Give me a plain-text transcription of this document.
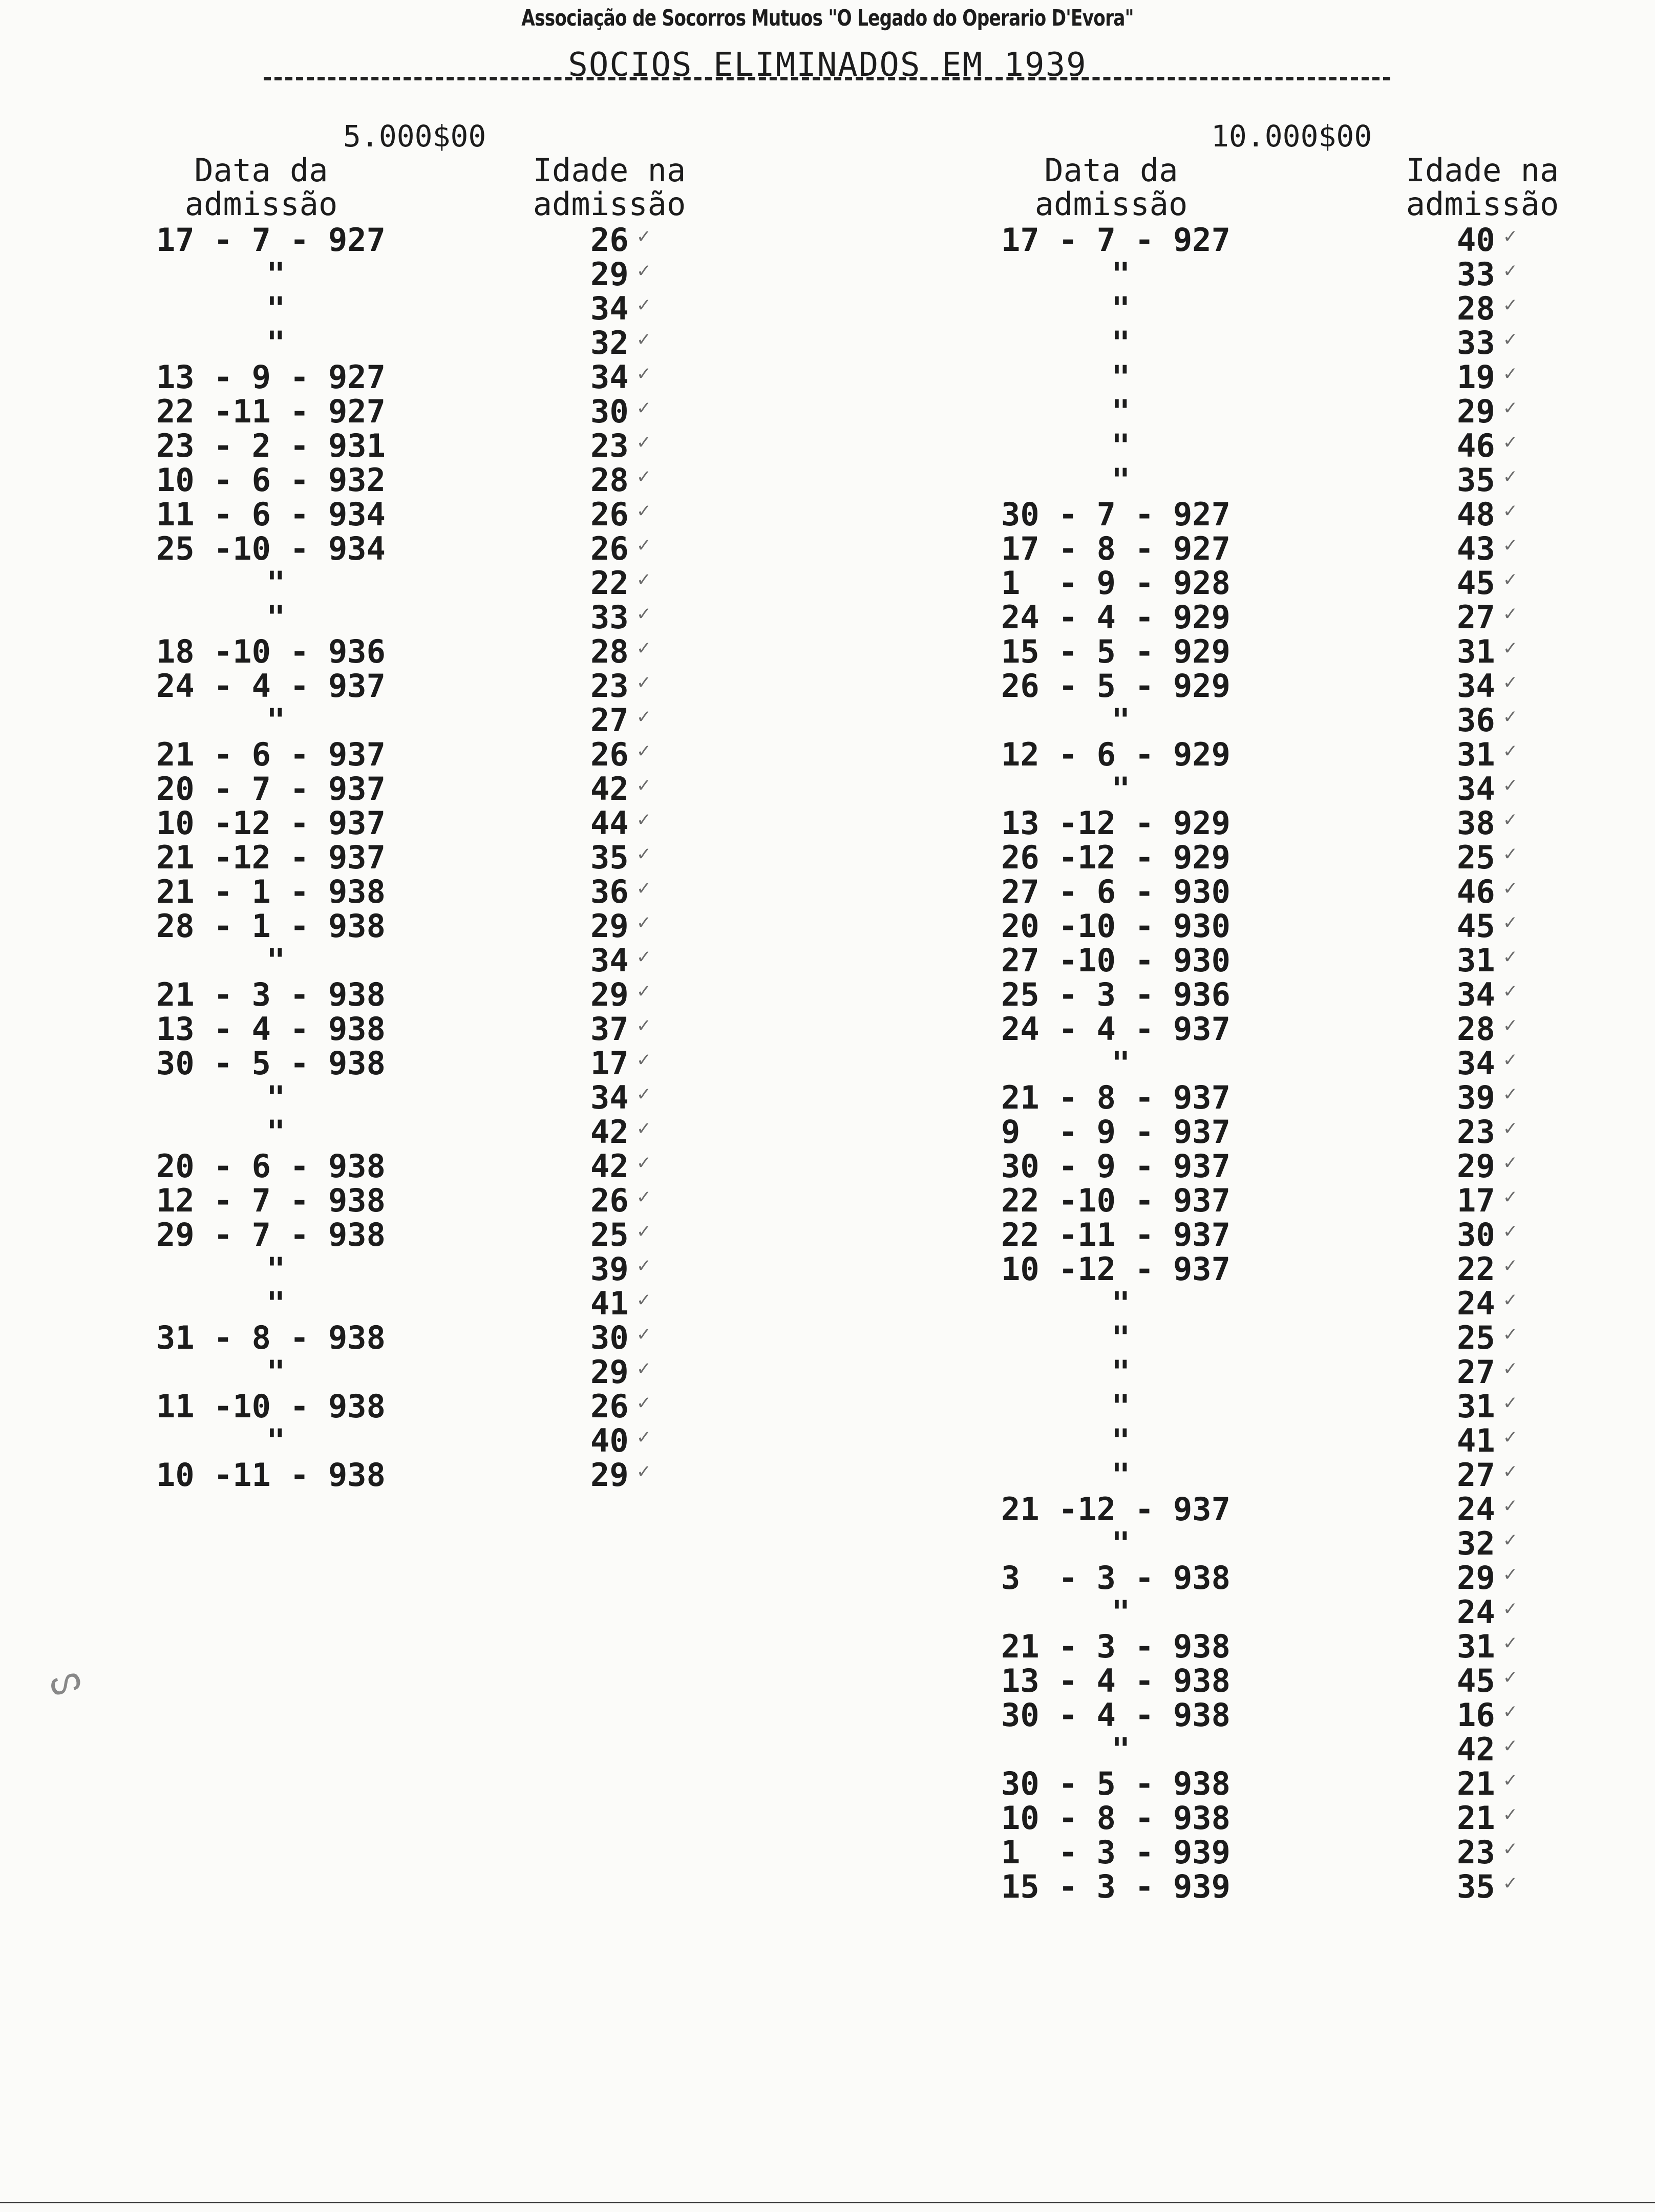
Associação de Socorros Mutuos "O Legado do Operario D'Evora"
SOCIOS ELIMINADOS EM 1939
5.000$00
Data da
admissão
Idade na
admissão
17 - 7 - 927	26 ✓
"	29 ✓
"	34 ✓
"	32 ✓
13 - 9 - 927	34 ✓
22 -11 - 927	30 ✓
23 - 2 - 931	23 ✓
10 - 6 - 932	28 ✓
11 - 6 - 934	26 ✓
25 -10 - 934	26 ✓
"	22 ✓
"	33 ✓
18 -10 - 936	28 ✓
24 - 4 - 937	23 ✓
"	27 ✓
21 - 6 - 937	26 ✓
20 - 7 - 937	42 ✓
10 -12 - 937	44 ✓
21 -12 - 937	35 ✓
21 - 1 - 938	36 ✓
28 - 1 - 938	29 ✓
"	34 ✓
21 - 3 - 938	29 ✓
13 - 4 - 938	37 ✓
30 - 5 - 938	17 ✓
"	34 ✓
"	42 ✓
20 - 6 - 938	42 ✓
12 - 7 - 938	26 ✓
29 - 7 - 938	25 ✓
"	39 ✓
"	41 ✓
31 - 8 - 938	30 ✓
"	29 ✓
11 -10 - 938	26 ✓
"	40 ✓
10 -11 - 938	29 ✓
10.000$00
Data da
admissão
Idade na
admissão
17 - 7 - 927	40 ✓
"	33 ✓
"	28 ✓
"	33 ✓
"	19 ✓
"	29 ✓
"	46 ✓
"	35 ✓
30 - 7 - 927	48 ✓
17 - 8 - 927	43 ✓
1  - 9 - 928	45 ✓
24 - 4 - 929	27 ✓
15 - 5 - 929	31 ✓
26 - 5 - 929	34 ✓
"	36 ✓
12 - 6 - 929	31 ✓
"	34 ✓
13 -12 - 929	38 ✓
26 -12 - 929	25 ✓
27 - 6 - 930	46 ✓
20 -10 - 930	45 ✓
27 -10 - 930	31 ✓
25 - 3 - 936	34 ✓
24 - 4 - 937	28 ✓
"	34 ✓
21 - 8 - 937	39 ✓
9  - 9 - 937	23 ✓
30 - 9 - 937	29 ✓
22 -10 - 937	17 ✓
22 -11 - 937	30 ✓
10 -12 - 937	22 ✓
"	24 ✓
"	25 ✓
"	27 ✓
"	31 ✓
"	41 ✓
"	27 ✓
21 -12 - 937	24 ✓
"	32 ✓
3  - 3 - 938	29 ✓
"	24 ✓
21 - 3 - 938	31 ✓
13 - 4 - 938	45 ✓
30 - 4 - 938	16 ✓
"	42 ✓
30 - 5 - 938	21 ✓
10 - 8 - 938	21 ✓
1  - 3 - 939	23 ✓
15 - 3 - 939	35 ✓
ᔕ
